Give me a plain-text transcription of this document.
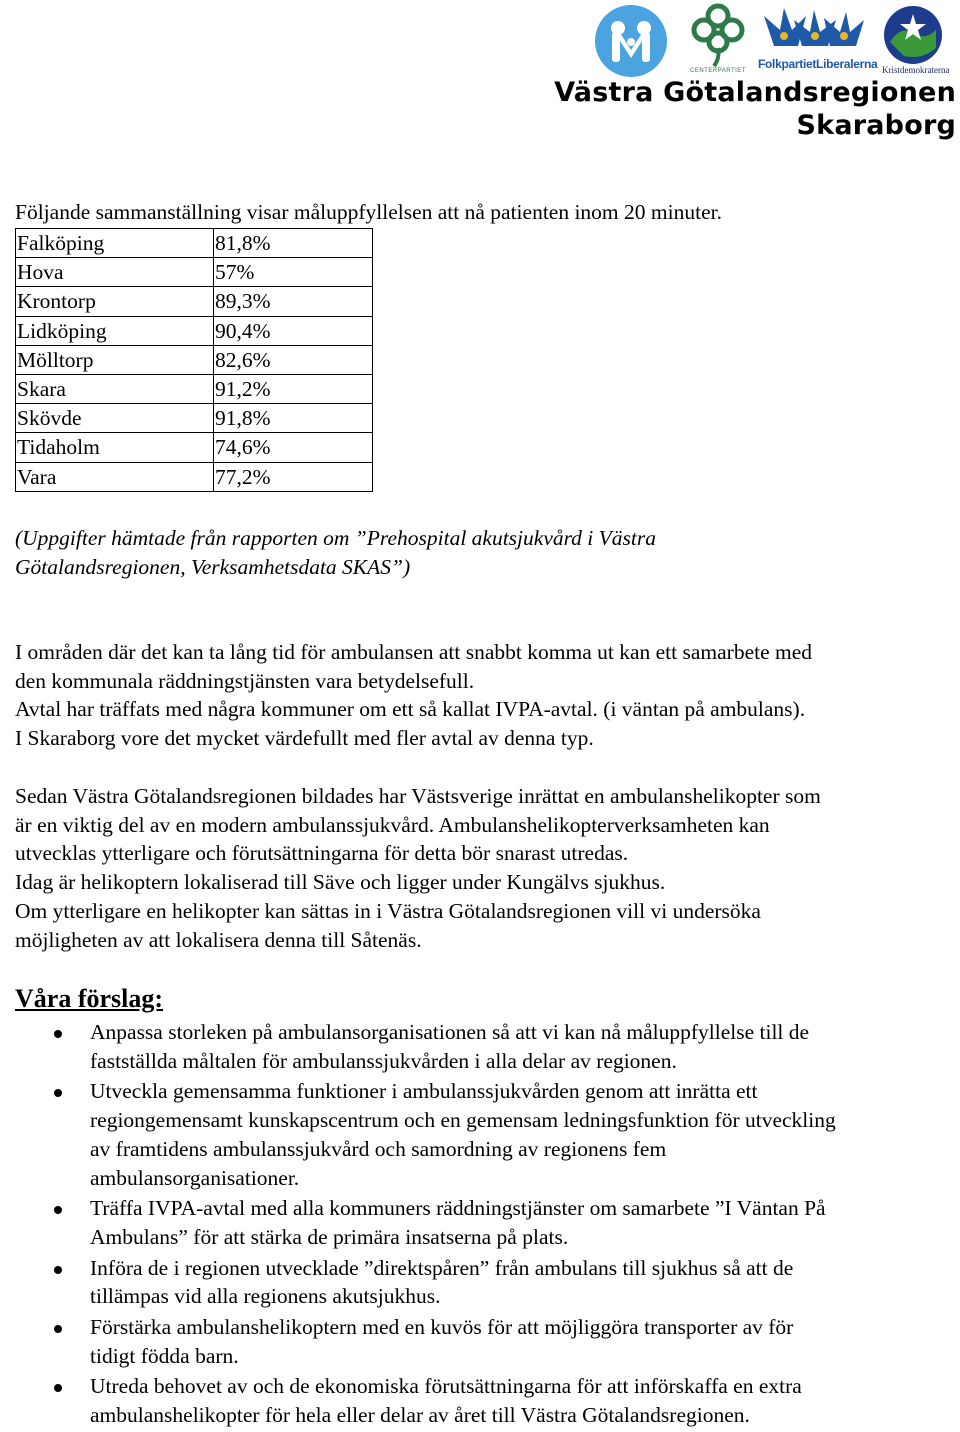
CENTERPARTIET FolkpartietLiberalerna Kristdemokraterna
Västra Götalandsregionen
Skaraborg

Följande sammanställning visar måluppfyllelsen att nå patienten inom 20 minuter.

Falköping	81,8%
Hova	57%
Krontorp	89,3%
Lidköping	90,4%
Mölltorp	82,6%
Skara	91,2%
Skövde	91,8%
Tidaholm	74,6%
Vara	77,2%

(Uppgifter hämtade från rapporten om ”Prehospital akutsjukvård i Västra
Götalandsregionen, Verksamhetsdata SKAS”)

I områden där det kan ta lång tid för ambulansen att snabbt komma ut kan ett samarbete med
den kommunala räddningstjänsten vara betydelsefull.
Avtal har träffats med några kommuner om ett så kallat IVPA-avtal. (i väntan på ambulans).
I Skaraborg vore det mycket värdefullt med fler avtal av denna typ.

Sedan Västra Götalandsregionen bildades har Västsverige inrättat en ambulanshelikopter som
är en viktig del av en modern ambulanssjukvård. Ambulanshelikopterverksamheten kan
utvecklas ytterligare och förutsättningarna för detta bör snarast utredas.
Idag är helikoptern lokaliserad till Säve och ligger under Kungälvs sjukhus.
Om ytterligare en helikopter kan sättas in i Västra Götalandsregionen vill vi undersöka
möjligheten av att lokalisera denna till Såtenäs.

Våra förslag:
Anpassa storleken på ambulansorganisationen så att vi kan nå måluppfyllelse till de
fastställda måltalen för ambulanssjukvården i alla delar av regionen.
Utveckla gemensamma funktioner i ambulanssjukvården genom att inrätta ett
regiongemensamt kunskapscentrum och en gemensam ledningsfunktion för utveckling
av framtidens ambulanssjukvård och samordning av regionens fem
ambulansorganisationer.
Träffa IVPA-avtal med alla kommuners räddningstjänster om samarbete ”I Väntan På
Ambulans” för att stärka de primära insatserna på plats.
Införa de i regionen utvecklade ”direktspåren” från ambulans till sjukhus så att de
tillämpas vid alla regionens akutsjukhus.
Förstärka ambulanshelikoptern med en kuvös för att möjliggöra transporter av för
tidigt födda barn.
Utreda behovet av och de ekonomiska förutsättningarna för att införskaffa en extra
ambulanshelikopter för hela eller delar av året till Västra Götalandsregionen.
